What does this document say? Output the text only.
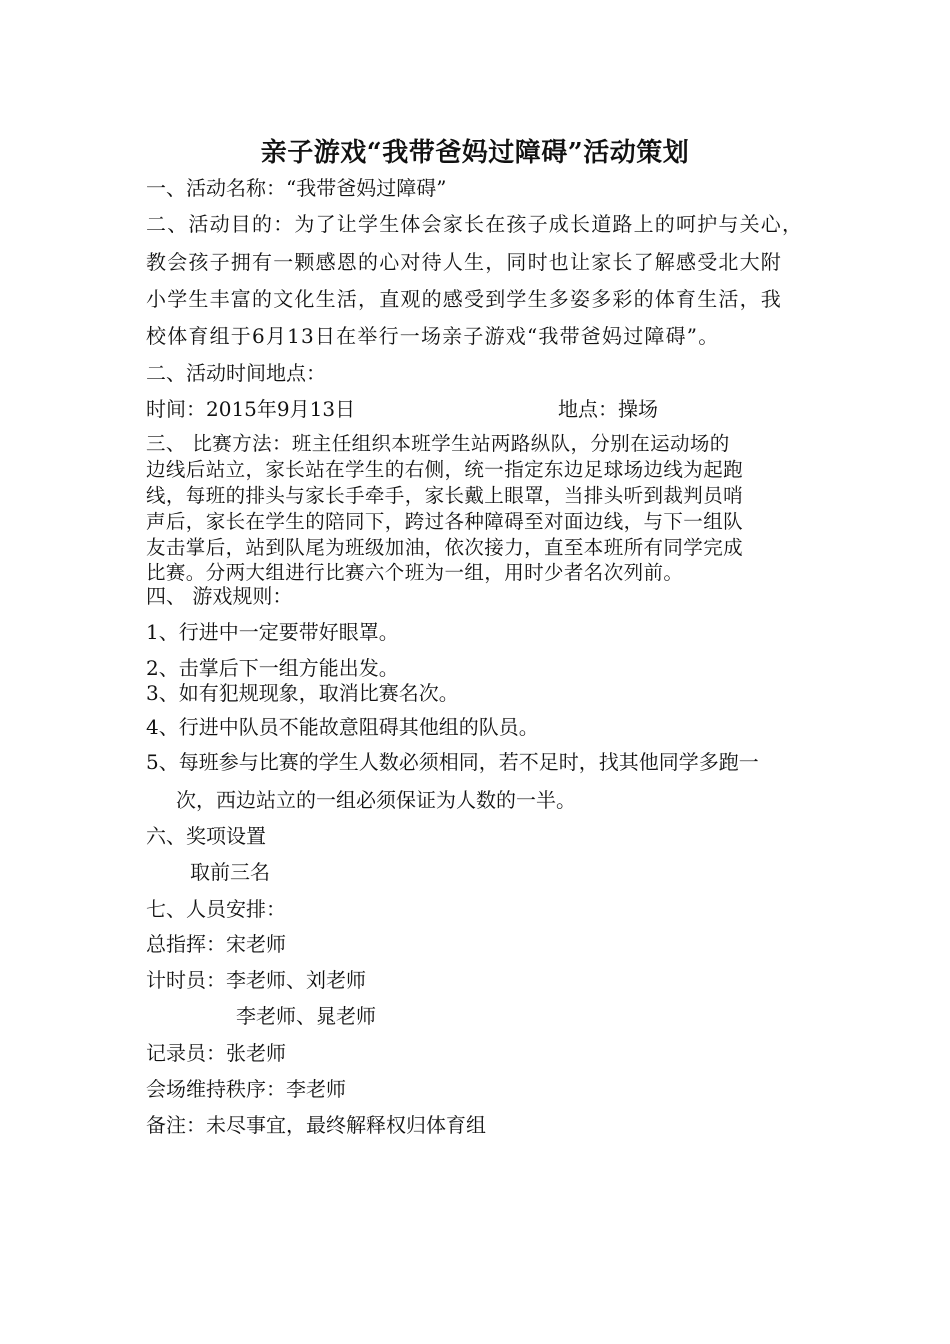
亲子游戏“我带爸妈过障碍”活动策划
一、活动名称：“我带爸妈过障碍”
二、活动目的：为了让学生体会家长在孩子成长道路上的呵护与关心，
教会孩子拥有一颗感恩的心对待人生，同时也让家长了解感受北大附
小学生丰富的文化生活，直观的感受到学生多姿多彩的体育生活，我
校体育组于6月13日在举行一场亲子游戏“我带爸妈过障碍”。
二、活动时间地点：
时间：2015年9月13日	地点：操场
三、 比赛方法：班主任组织本班学生站两路纵队，分别在运动场的
边线后站立，家长站在学生的右侧，统一指定东边足球场边线为起跑
线，每班的排头与家长手牵手，家长戴上眼罩，当排头听到裁判员哨
声后，家长在学生的陪同下，跨过各种障碍至对面边线，与下一组队
友击掌后，站到队尾为班级加油，依次接力，直至本班所有同学完成
比赛。分两大组进行比赛六个班为一组，用时少者名次列前。
四、 游戏规则：
1、行进中一定要带好眼罩。
2、击掌后下一组方能出发。
3、如有犯规现象，取消比赛名次。
4、行进中队员不能故意阻碍其他组的队员。
5、每班参与比赛的学生人数必须相同，若不足时，找其他同学多跑一
次，西边站立的一组必须保证为人数的一半。
六、奖项设置
取前三名
七、人员安排：
总指挥：宋老师
计时员：李老师、刘老师
李老师、晁老师
记录员：张老师
会场维持秩序：李老师
备注：未尽事宜，最终解释权归体育组
